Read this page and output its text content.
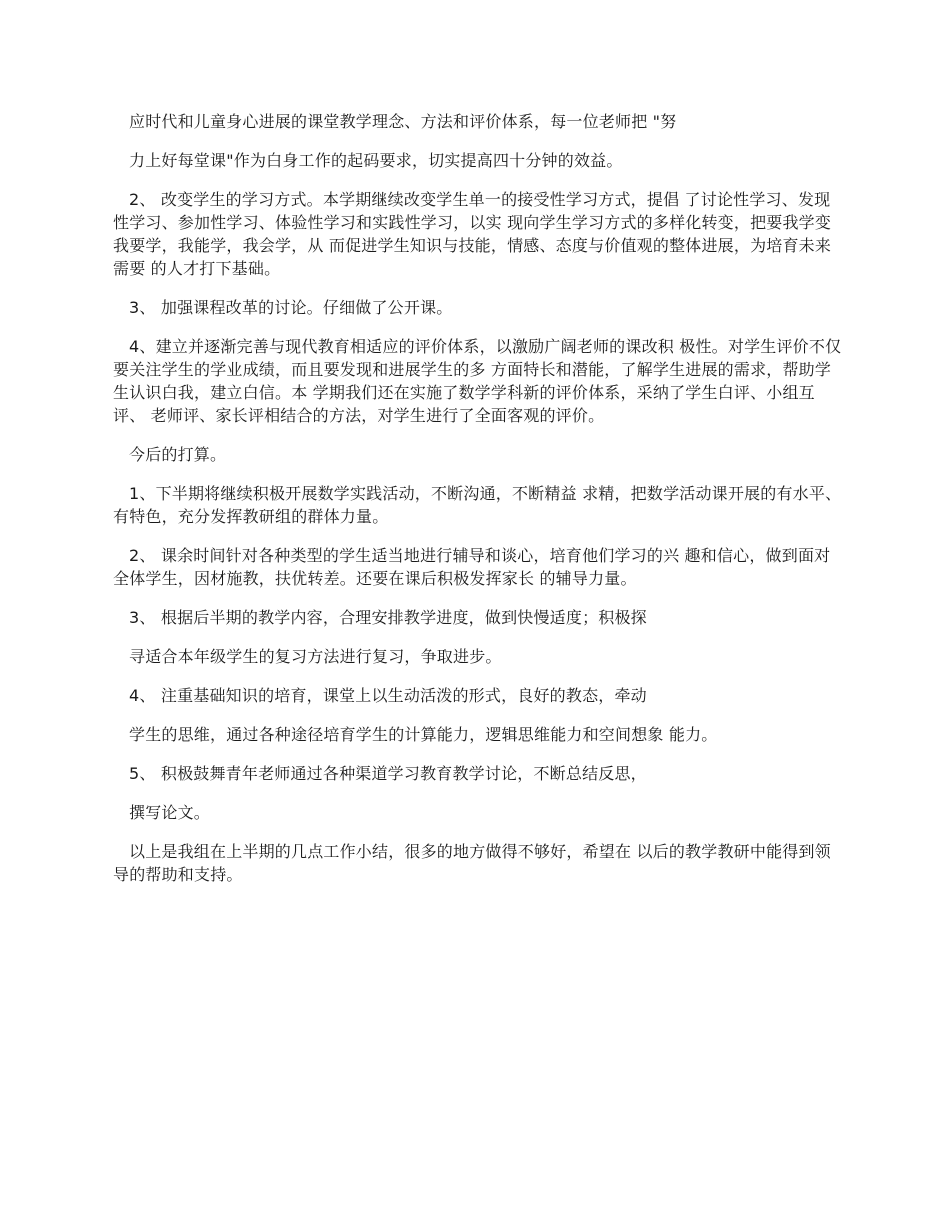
应时代和儿童身心进展的课堂教学理念、方法和评价体系，每一位老师把 "努

力上好每堂课"作为白身工作的起码要求，切实提高四十分钟的效益。

2、 改变学生的学习方式。本学期继续改变学生单一的接受性学习方式，提倡 了讨论性学习、发现性学习、参加性学习、体验性学习和实践性学习，以实 现向学生学习方式的多样化转变，把要我学变我要学，我能学，我会学，从 而促进学生知识与技能，情感、态度与价值观的整体进展，为培育未来需要 的人才打下基础。

3、 加强课程改革的讨论。仔细做了公开课。

4、建立并逐渐完善与现代教育相适应的评价体系，以激励广阔老师的课改积 极性。对学生评价不仅要关注学生的学业成绩，而且要发现和进展学生的多 方面特长和潜能，了解学生进展的需求，帮助学生认识白我，建立白信。本 学期我们还在实施了数学学科新的评价体系，采纳了学生白评、小组互评、 老师评、家长评相结合的方法，对学生进行了全面客观的评价。

今后的打算。

1、下半期将继续积极开展数学实践活动，不断沟通，不断精益 求精，把数学活动课开展的有水平、有特色，充分发挥教研组的群体力量。

2、 课余时间针对各种类型的学生适当地进行辅导和谈心，培育他们学习的兴 趣和信心，做到面对全体学生，因材施教，扶优转差。还要在课后积极发挥家长 的辅导力量。

3、 根据后半期的教学内容，合理安排教学进度，做到快慢适度；积极探

寻适合本年级学生的复习方法进行复习，争取进步。

4、 注重基础知识的培育，课堂上以生动活泼的形式，良好的教态，牵动

学生的思维，通过各种途径培育学生的计算能力，逻辑思维能力和空间想象 能力。

5、 积极鼓舞青年老师通过各种渠道学习教育教学讨论，不断总结反思，

撰写论文。

以上是我组在上半期的几点工作小结，很多的地方做得不够好，希望在 以后的教学教研中能得到领导的帮助和支持。
